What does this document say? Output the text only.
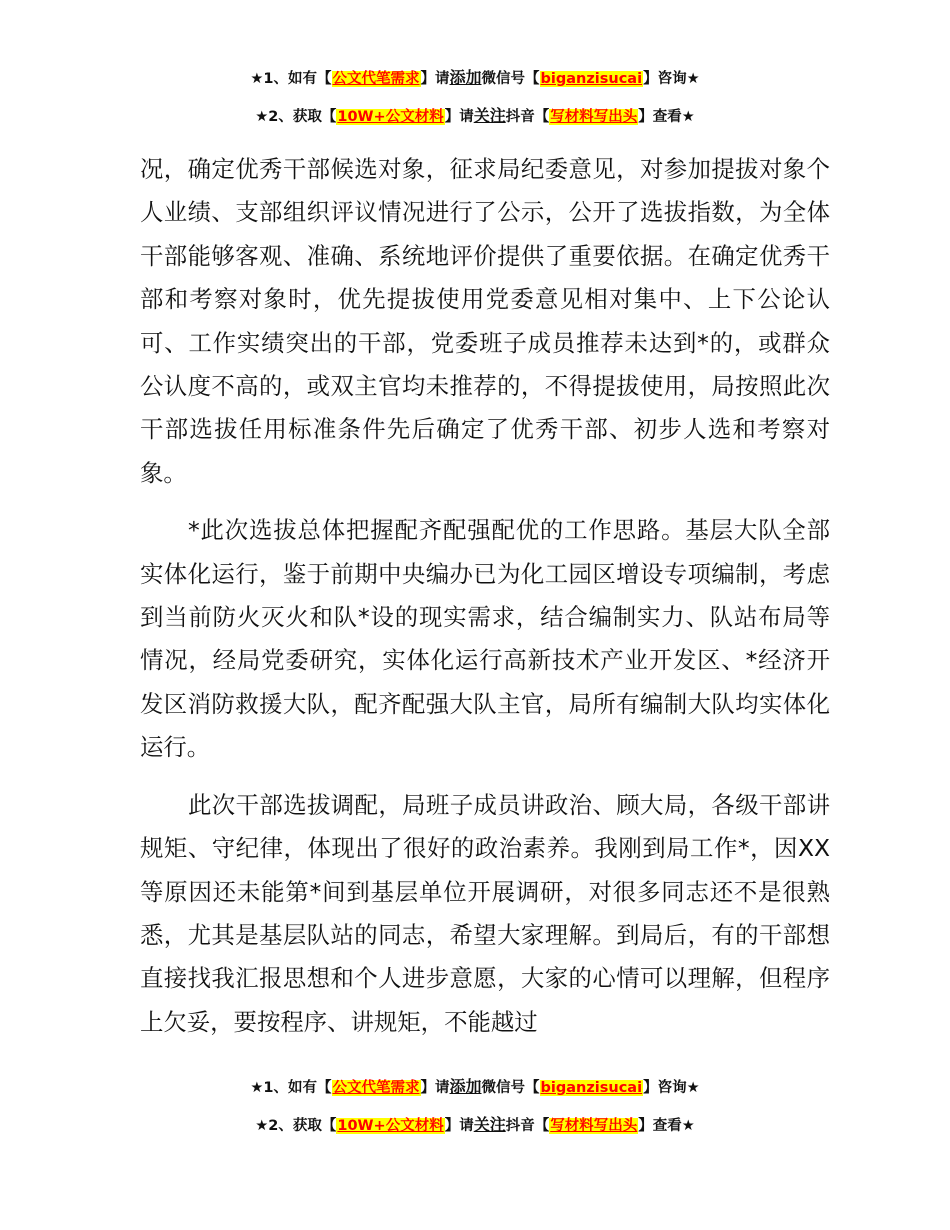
★1、如有【公文代笔需求】请添加微信号【biganzisucai】咨询★
★2、获取【10W+公文材料】请关注抖音【写材料写出头】查看★

况，确定优秀干部候选对象，征求局纪委意见，对参加提拔对象个人业绩、支部组织评议情况进行了公示，公开了选拔指数，为全体干部能够客观、准确、系统地评价提供了重要依据。在确定优秀干部和考察对象时，优先提拔使用党委意见相对集中、上下公论认可、工作实绩突出的干部，党委班子成员推荐未达到*的，或群众公认度不高的，或双主官均未推荐的，不得提拔使用，局按照此次干部选拔任用标准条件先后确定了优秀干部、初步人选和考察对象。

*此次选拔总体把握配齐配强配优的工作思路。基层大队全部实体化运行，鉴于前期中央编办已为化工园区增设专项编制，考虑到当前防火灭火和队*设的现实需求，结合编制实力、队站布局等情况，经局党委研究，实体化运行高新技术产业开发区、*经济开发区消防救援大队，配齐配强大队主官，局所有编制大队均实体化运行。

此次干部选拔调配，局班子成员讲政治、顾大局，各级干部讲规矩、守纪律，体现出了很好的政治素养。我刚到局工作*，因XX等原因还未能第*间到基层单位开展调研，对很多同志还不是很熟悉，尤其是基层队站的同志，希望大家理解。到局后，有的干部想直接找我汇报思想和个人进步意愿，大家的心情可以理解，但程序上欠妥，要按程序、讲规矩，不能越过

★1、如有【公文代笔需求】请添加微信号【biganzisucai】咨询★
★2、获取【10W+公文材料】请关注抖音【写材料写出头】查看★
